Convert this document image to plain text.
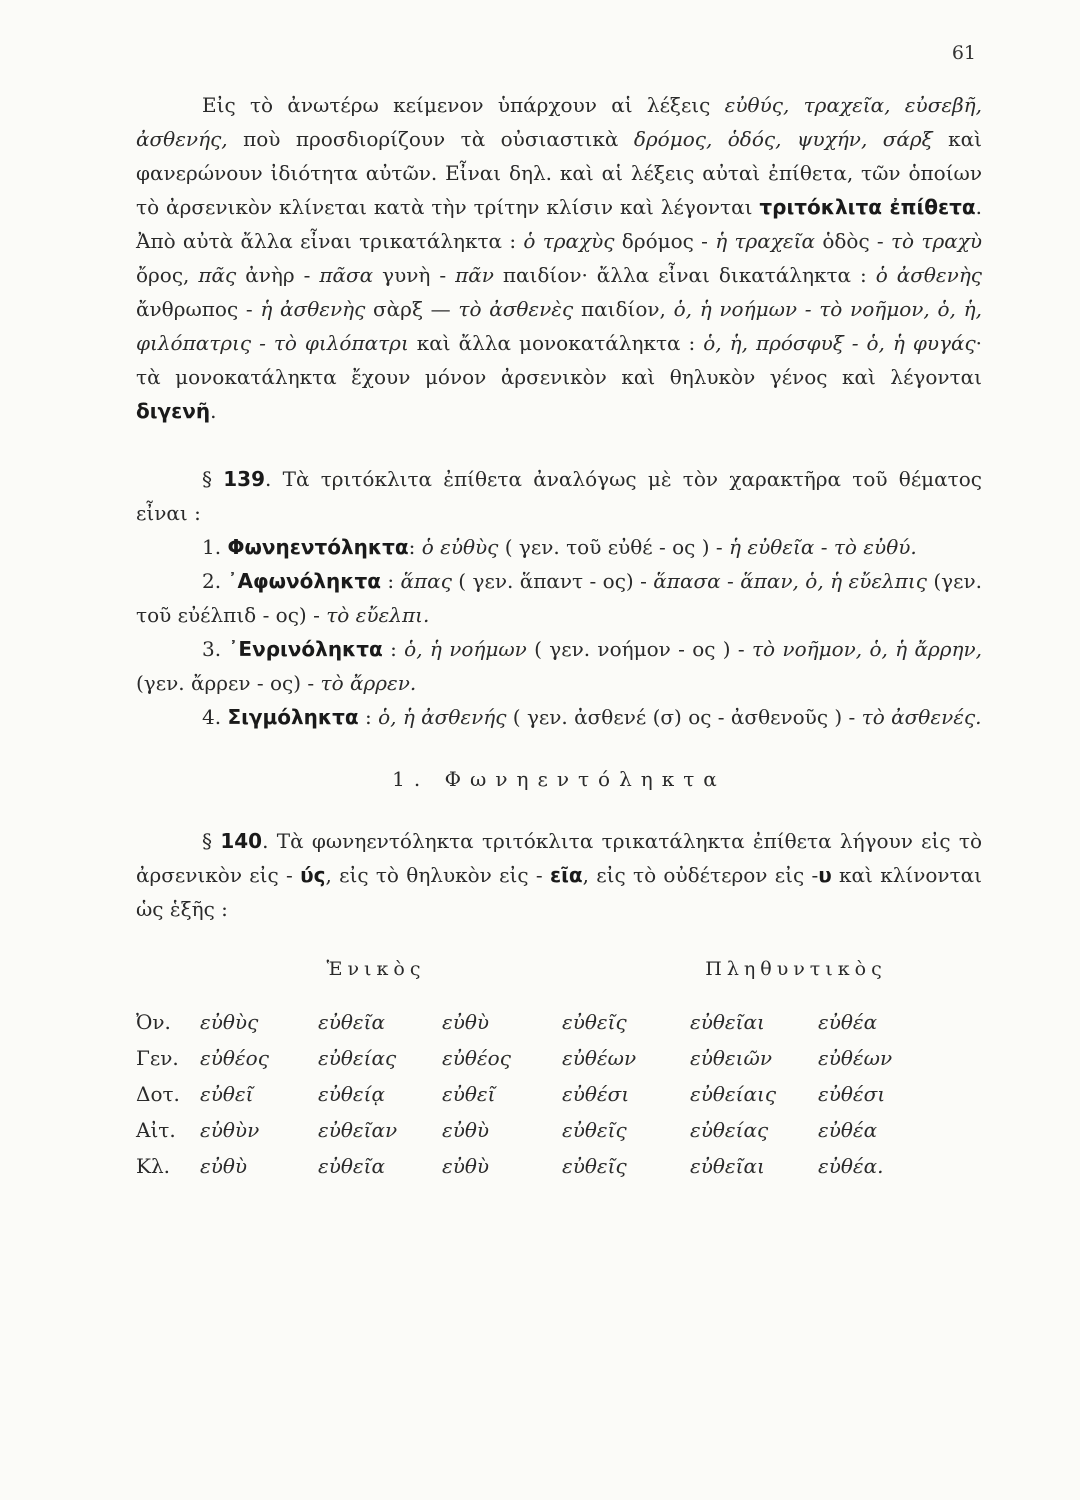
61

Εἰς τὸ ἀνωτέρω κείμενον ὑπάρχουν αἱ λέξεις εὐθύς, τραχεῖα, εὐσεβῆ, ἀσθενής, ποὺ προσδιορίζουν τὰ οὐσιαστικὰ δρόμος, ὁδός, ψυχήν, σάρξ καὶ φανερώνουν ἰδιότητα αὐτῶν. Εἶναι δηλ. καὶ αἱ λέξεις αὐταὶ ἐπίθετα, τῶν ὁποίων τὸ ἀρσενικὸν κλίνεται κατὰ τὴν τρίτην κλίσιν καὶ λέγονται τριτόκλιτα ἐπίθετα. Ἀπὸ αὐτὰ ἄλλα εἶναι τρικατάληκτα : ὁ τραχὺς δρόμος - ἡ τραχεῖα ὁδὸς - τὸ τραχὺ ὄρος, πᾶς ἀνὴρ - πᾶσα γυνὴ - πᾶν παιδίον· ἄλλα εἶναι δικατάληκτα : ὁ ἀσθενὴς ἄνθρωπος - ἡ ἀσθενὴς σὰρξ — τὸ ἀσθενὲς παιδίον, ὁ, ἡ νοήμων - τὸ νοῆμον, ὁ, ἡ, φιλόπατρις - τὸ φιλόπατρι καὶ ἄλλα μονοκατάληκτα : ὁ, ἡ, πρόσφυξ - ὁ, ἡ φυγάς· τὰ μονοκατάληκτα ἔχουν μόνον ἀρσενικὸν καὶ θηλυκὸν γένος καὶ λέγονται διγενῆ.

§ 139. Τὰ τριτόκλιτα ἐπίθετα ἀναλόγως μὲ τὸν χαρακτῆρα τοῦ θέματος εἶναι :

1. Φωνηεντόληκτα: ὁ εὐθὺς ( γεν. τοῦ εὐθέ - ος ) - ἡ εὐθεῖα - τὸ εὐθύ.

2. ᾽Αφωνόληκτα : ἅπας ( γεν. ἅπαντ - ος) - ἅπασα - ἅπαν, ὁ, ἡ εὔελπις (γεν. τοῦ εὐέλπιδ - ος) - τὸ εὔελπι.

3. ᾽Ενρινόληκτα : ὁ, ἡ νοήμων ( γεν. νοήμον - ος ) - τὸ νοῆμον, ὁ, ἡ ἄρρην, (γεν. ἄρρεν - ος) - τὸ ἄρρεν.

4. Σιγμόληκτα : ὁ, ἡ ἀσθενής ( γεν. ἀσθενέ (σ) ος - ἀσθενοῦς ) - τὸ ἀσθενές.

1. Φωνηεντόληκτα

§ 140. Τὰ φωνηεντόληκτα τριτόκλιτα τρικατάληκτα ἐπίθετα λήγουν εἰς τὸ ἀρσενικὸν εἰς - ύς, εἰς τὸ θηλυκὸν εἰς - εῖα, εἰς τὸ οὐδέτερον εἰς -υ καὶ κλίνονται ὡς ἑξῆς :

Ἑνικὸς	Πληθυντικὸς
Ὀν.	εὐθὺς	εὐθεῖα	εὐθὺ	εὐθεῖς	εὐθεῖαι	εὐθέα
Γεν.	εὐθέος	εὐθείας	εὐθέος	εὐθέων	εὐθειῶν	εὐθέων
Δοτ.	εὐθεῖ	εὐθείᾳ	εὐθεῖ	εὐθέσι	εὐθείαις	εὐθέσι
Αἰτ.	εὐθὺν	εὐθεῖαν	εὐθὺ	εὐθεῖς	εὐθείας	εὐθέα
Κλ.	εὐθὺ	εὐθεῖα	εὐθὺ	εὐθεῖς	εὐθεῖαι	εὐθέα.
